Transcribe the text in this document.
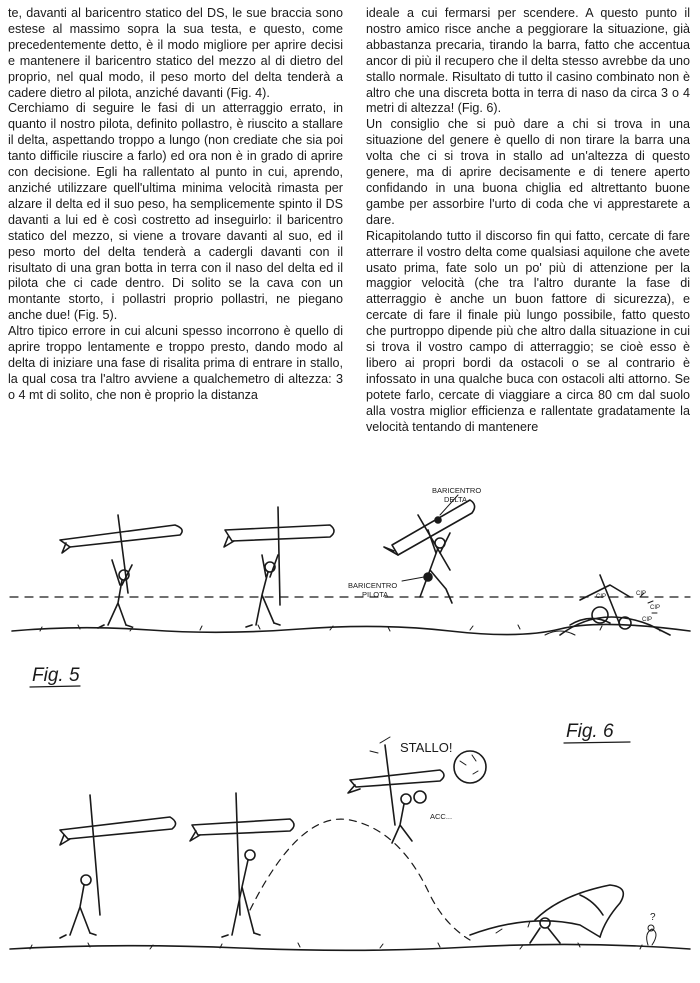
te, davanti al baricentro statico del DS, le sue braccia sono estese al massimo sopra la sua testa, e questo, come precedentemente detto, è il modo migliore per aprire decisi e mantenere il baricentro statico del mezzo al di dietro del proprio, nel qual modo, il peso morto del delta tenderà a cadere dietro al pilota, anziché davanti (Fig. 4).

Cerchiamo di seguire le fasi di un atterraggio errato, in quanto il nostro pilota, definito pollastro, è riuscito a stallare il delta, aspettando troppo a lungo (non crediate che sia poi tanto difficile riuscire a farlo) ed ora non è in grado di aprire con decisione. Egli ha rallentato al punto in cui, aprendo, anziché utilizzare quell'ultima minima velocità rimasta per alzare il delta ed il suo peso, ha semplicemente spinto il DS davanti a lui ed è così costretto ad inseguirlo: il baricentro statico del mezzo, si viene a trovare davanti al suo, ed il peso morto del delta tenderà a cadergli davanti con il risultato di una gran botta in terra con il naso del delta ed il pilota che ci cade dentro. Di solito se la cava con un montante storto, i pollastri proprio pollastri, ne piegano anche due! (Fig. 5).

Altro tipico errore in cui alcuni spesso incorrono è quello di aprire troppo lentamente e troppo presto, dando modo al delta di iniziare una fase di risalita prima di entrare in stallo, la qual cosa tra l'altro avviene a qualchemetro di altezza: 3 o 4 mt di solito, che non è proprio la distanza

ideale a cui fermarsi per scendere. A questo punto il nostro amico risce anche a peggiorare la situazione, già abbastanza precaria, tirando la barra, fatto che accentua ancor di più il recupero che il delta stesso avrebbe da uno stallo normale. Risultato di tutto il casino combinato non è altro che una discreta botta in terra di naso da circa 3 o 4 metri di altezza! (Fig. 6).

Un consiglio che si può dare a chi si trova in una situazione del genere è quello di non tirare la barra una volta che ci si trova in stallo ad un'altezza di questo genere, ma di aprire decisamente e di tenere aperto confidando in una buona chiglia ed altrettanto buone gambe per assorbire l'urto di coda che vi apprestarete a dare.

Ricapitolando tutto il discorso fin qui fatto, cercate di fare atterrare il vostro delta come qualsiasi aquilone che avete usato prima, fate solo un po' più di attenzione per la maggior velocità (che tra l'altro durante la fase di atterraggio è anche un buon fattore di sicurezza), e cercate di fare il finale più lungo possibile, fatto questo che purtroppo dipende più che altro dalla situazione in cui si trova il vostro campo di atterraggio; se cioè esso è libero ai propri bordi da ostacoli o se al contrario è infossato in una qualche buca con ostacoli alti attorno. Se potete farlo, cercate di viaggiare a circa 80 cm dal suolo alla vostra miglior efficienza e rallentate gradatamente la velocità tentando di mantenere

BARICENTRO
DELTA
BARICENTRO
PILOTA	CIP	CIP
CIP
CIP
Fig. 5
STALLO!
ACC...
?
Fig. 6
